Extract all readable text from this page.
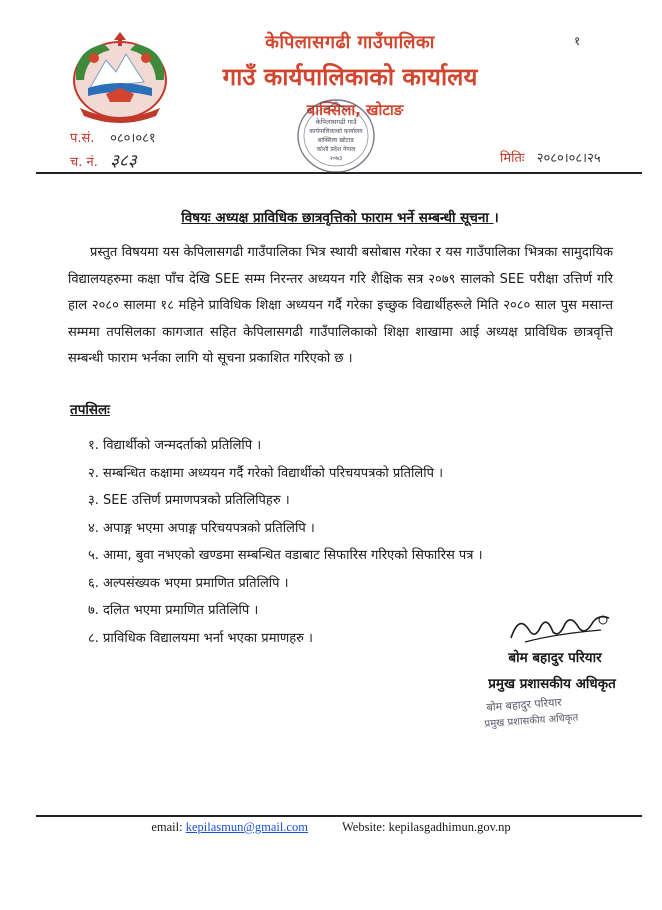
केपिलासगढी गाउँपालिका
गाउँ कार्यपालिकाको कार्यालय
बाक्सिला, खोटाङ
१
केपिलासगढी गाउँ
कार्यपालिकाको कार्यालय
बाक्सिला खोटाङ
कोशी प्रदेश नेपाल
२०७३
प.सं. ०८०।०८१
च. नं. ३८३	मितिः २०८०।०८।२५
विषयः अध्यक्ष प्राविधिक छात्रवृत्तिको फाराम भर्ने सम्बन्धी सूचना ।
प्रस्तुत विषयमा यस केपिलासगढी गाउँपालिका भित्र स्थायी बसोबास गरेका र यस गाउँपालिका भित्रका सामुदायिक विद्यालयहरुमा कक्षा पाँच देखि SEE सम्म निरन्तर अध्ययन गरि शैक्षिक सत्र २०७९ सालको SEE परीक्षा उत्तिर्ण गरि हाल २०८० सालमा १८ महिने प्राविधिक शिक्षा अध्ययन गर्दै गरेका इच्छुक विद्यार्थीहरूले मिति २०८० साल पुस मसान्त सम्ममा तपसिलका कागजात सहित केपिलासगढी गाउँपालिकाको शिक्षा शाखामा आई अध्यक्ष प्राविधिक छात्रवृत्ति सम्बन्धी फाराम भर्नका लागि यो सूचना प्रकाशित गरिएको छ ।
तपसिलः
१. विद्यार्थीको जन्मदर्ताको प्रतिलिपि ।
२. सम्बन्धित कक्षामा अध्ययन गर्दै गरेको विद्यार्थीको परिचयपत्रको प्रतिलिपि ।
३. SEE उत्तिर्ण प्रमाणपत्रको प्रतिलिपिहरु ।
४. अपाङ्ग भएमा अपाङ्ग परिचयपत्रको प्रतिलिपि ।
५. आमा, बुवा नभएको खण्डमा सम्बन्धित वडाबाट सिफारिस गरिएको सिफारिस पत्र ।
६. अल्पसंख्यक भएमा प्रमाणित प्रतिलिपि ।
७. दलित भएमा प्रमाणित प्रतिलिपि ।
८. प्राविधिक विद्यालयमा भर्ना भएका प्रमाणहरु ।
बोम बहादुर परियार
प्रमुख प्रशासकीय अधिकृत
बोम बहादुर परियार
प्रमुख प्रशासकीय अधिकृत
email: kepilasmun@gmail.com	Website: kepilasgadhimun.gov.np
